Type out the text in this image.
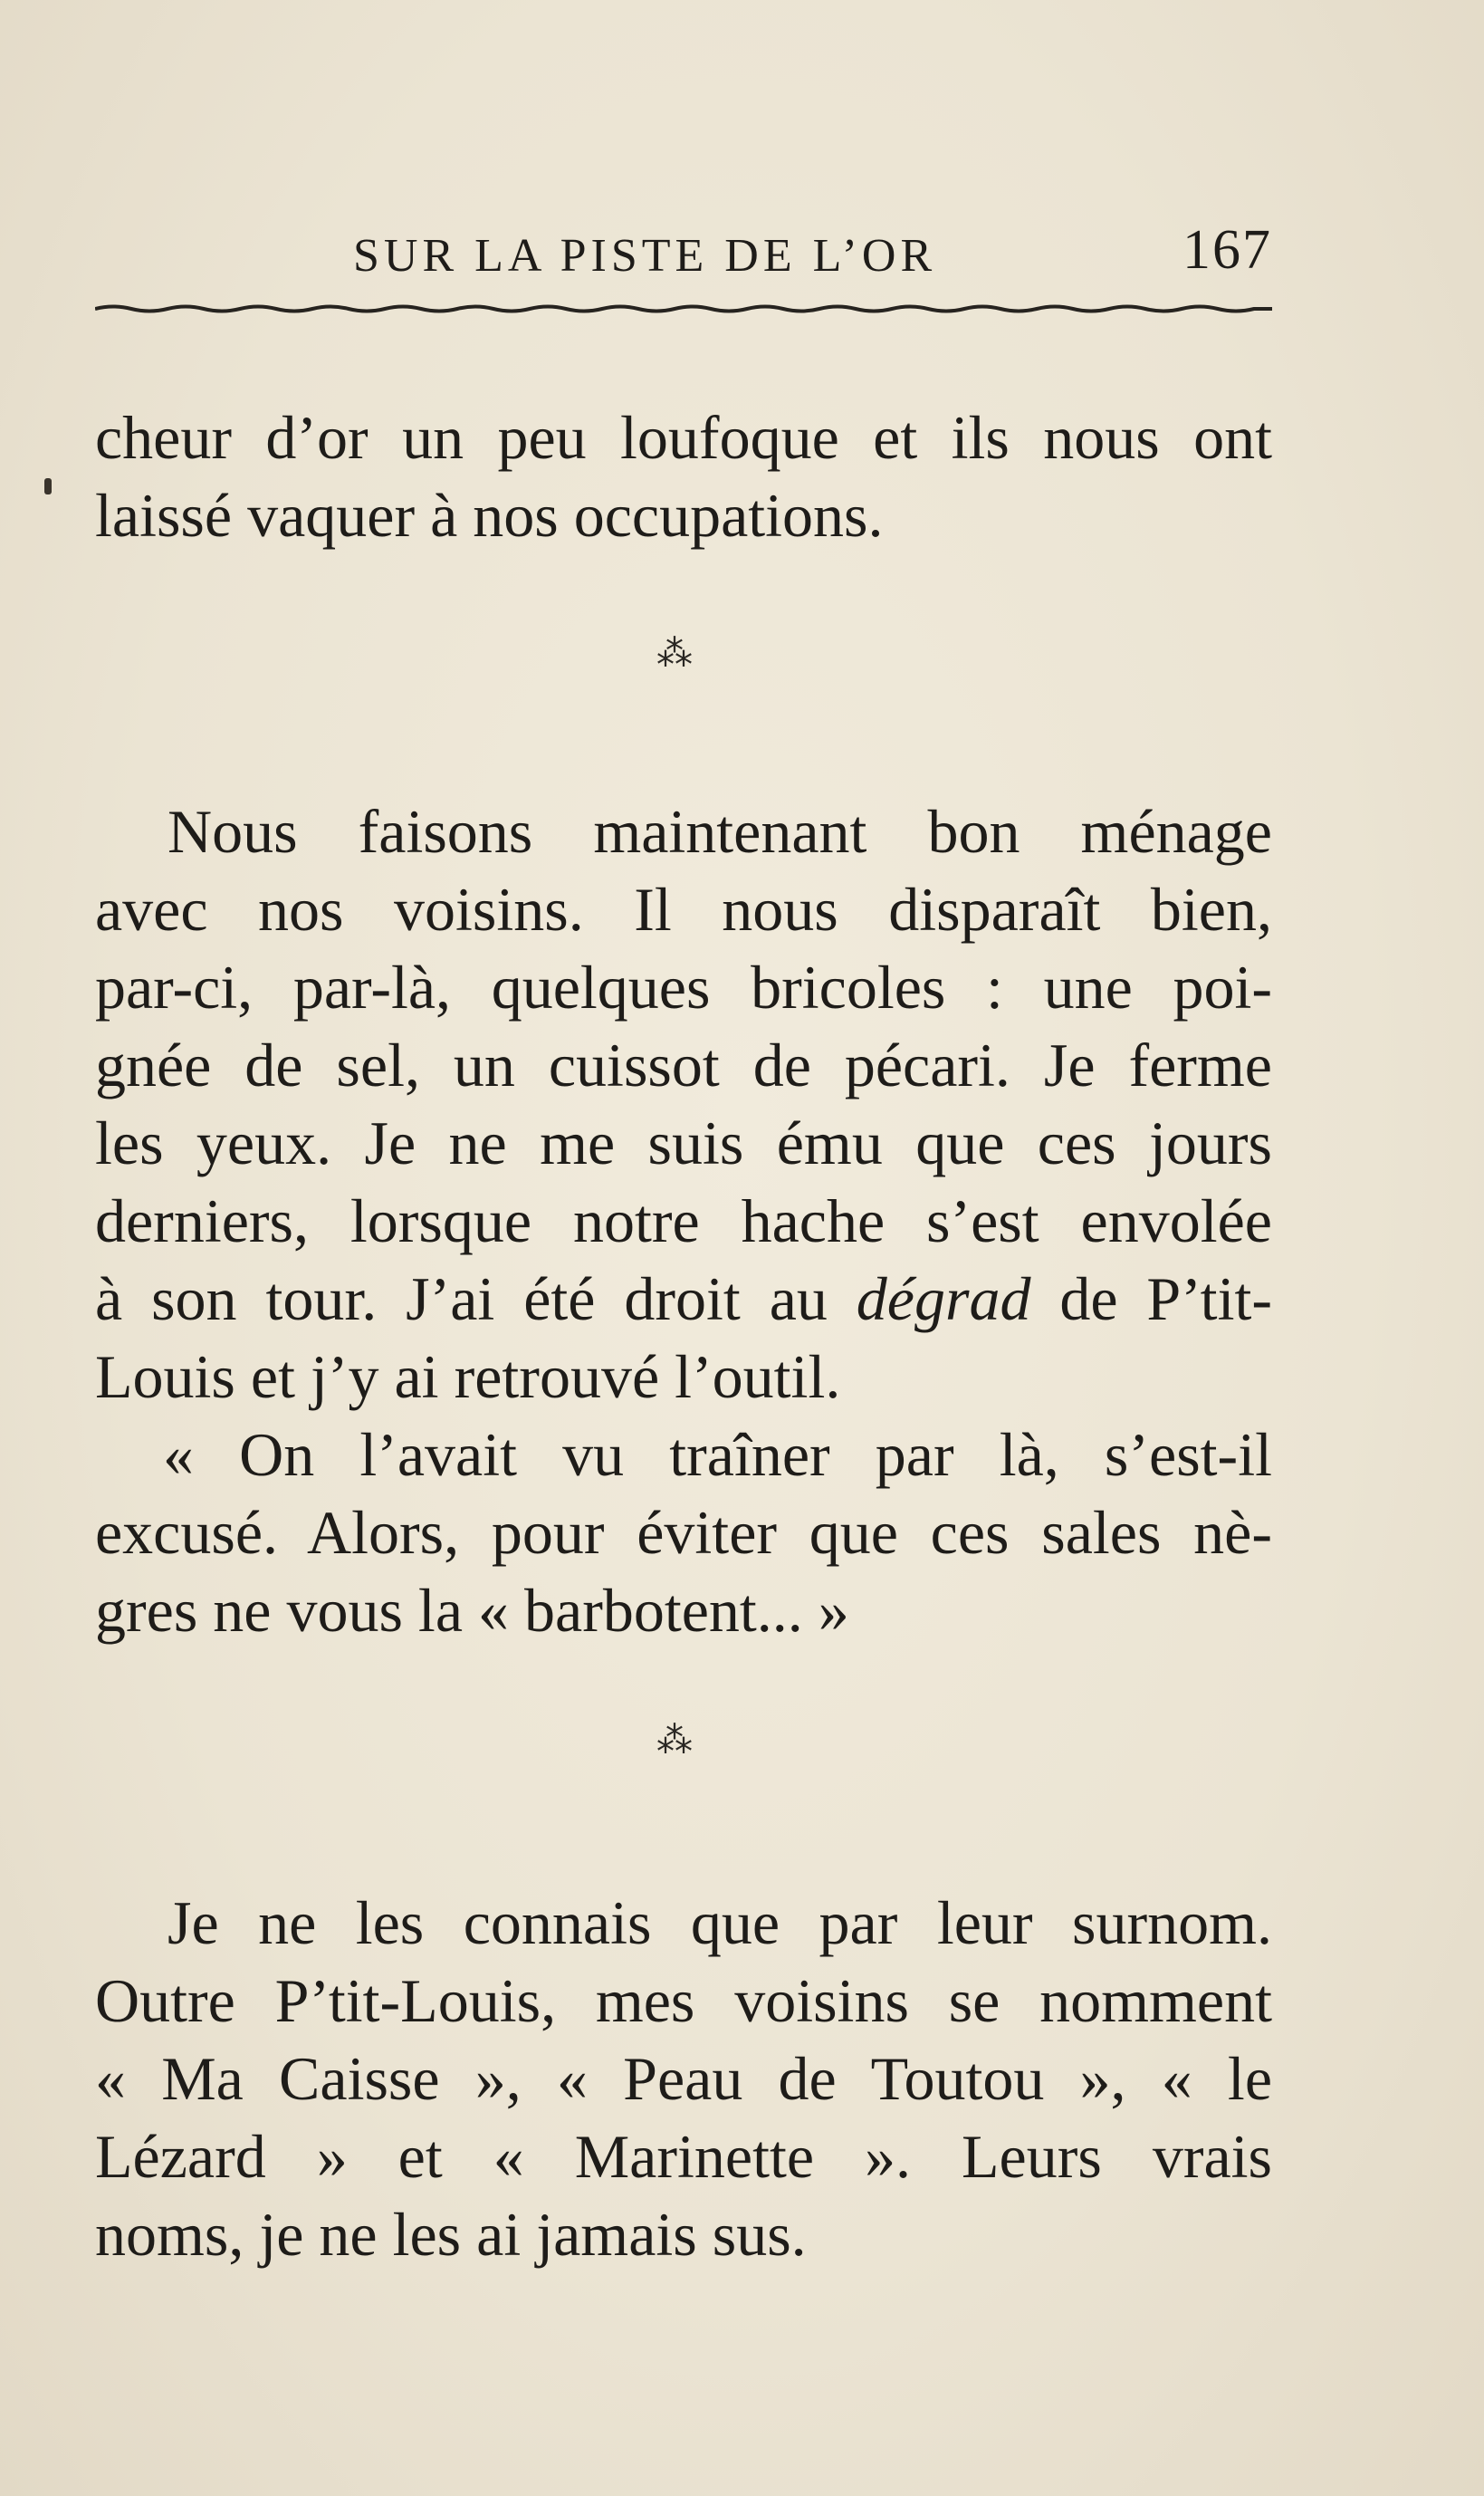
SUR LA PISTE DE L’OR	167
cheur d’or un peu loufoque et ils nous ont
laissé vaquer à nos occupations.
⁂
Nous faisons maintenant bon ménage
avec nos voisins. Il nous disparaît bien,
par-ci, par-là, quelques bricoles : une poi-
gnée de sel, un cuissot de pécari. Je ferme
les yeux. Je ne me suis ému que ces jours
derniers, lorsque notre hache s’est envolée
à son tour. J’ai été droit au dégrad de P’tit-
Louis et j’y ai retrouvé l’outil.
« On l’avait vu traîner par là, s’est-il
excusé. Alors, pour éviter que ces sales nè-
gres ne vous la « barbotent... »
⁂
Je ne les connais que par leur surnom.
Outre P’tit-Louis, mes voisins se nomment
« Ma Caisse », « Peau de Toutou », « le
Lézard » et « Marinette ». Leurs vrais
noms, je ne les ai jamais sus.
